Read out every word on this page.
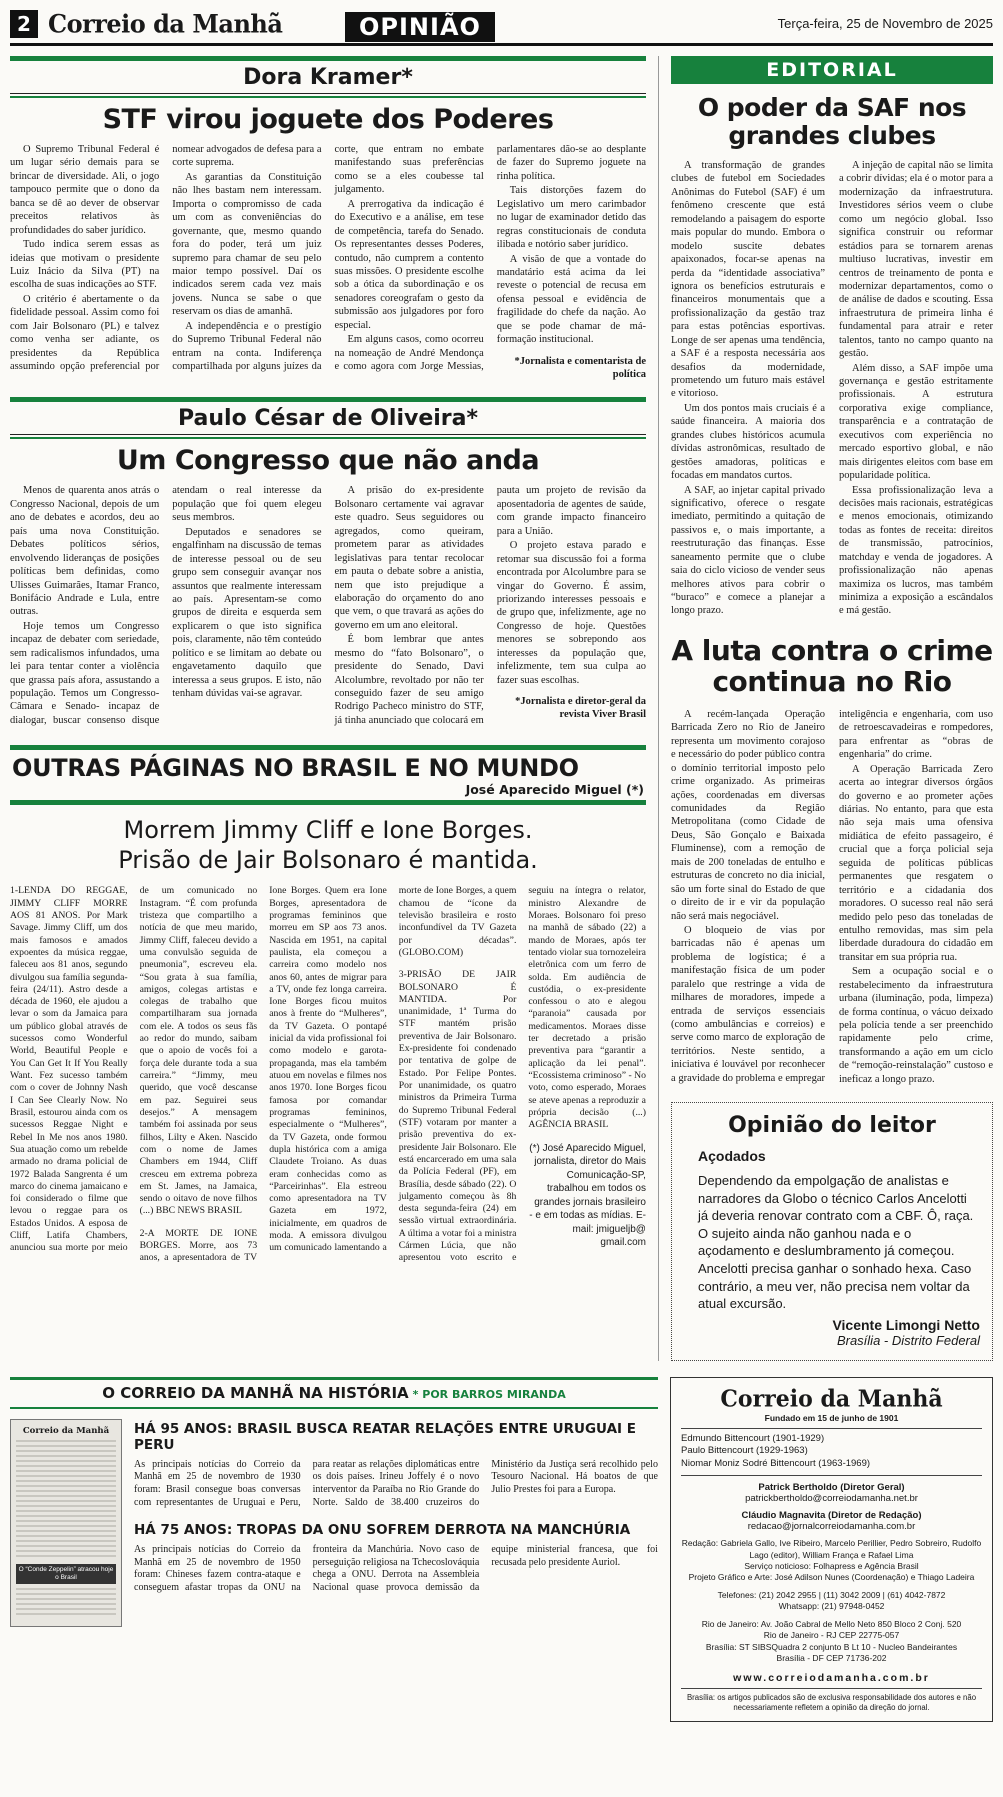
2 Correio da Manhã	Terça-feira, 25 de Novembro de 2025
OPINIÃO
Dora Kramer*
STF virou joguete dos Poderes

O Supremo Tribunal Federal é um lugar sério demais para se brincar de diversidade. Ali, o jogo tampouco permite que o dono da banca se dê ao dever de observar preceitos relativos às profundidades do saber jurídico.

Tudo indica serem essas as ideias que motivam o presidente Luiz Inácio da Silva (PT) na escolha de suas indicações ao STF.

O critério é abertamente o da fidelidade pessoal. Assim como foi com Jair Bolsonaro (PL) e talvez como venha ser adiante, os presidentes da República assumindo opção preferencial por nomear advogados de defesa para a corte suprema.

As garantias da Constituição não lhes bastam nem interessam. Importa o compromisso de cada um com as conveniências do governante, que, mesmo quando fora do poder, terá um juiz supremo para chamar de seu pelo maior tempo possível. Daí os indicados serem cada vez mais jovens. Nunca se sabe o que reservam os dias de amanhã.

A independência e o prestígio do Supremo Tribunal Federal não entram na conta. Indiferença compartilhada por alguns juízes da corte, que entram no embate manifestando suas preferências como se a eles coubesse tal julgamento.

A prerrogativa da indicação é do Executivo e a análise, em tese de competência, tarefa do Senado. Os representantes desses Poderes, contudo, não cumprem a contento suas missões. O presidente escolhe sob a ótica da subordinação e os senadores coreografam o gesto da submissão aos julgadores por foro especial.

Em alguns casos, como ocorreu na nomeação de André Mendonça e como agora com Jorge Messias, parlamentares dão-se ao desplante de fazer do Supremo joguete na rinha política.

Tais distorções fazem do Legislativo um mero carimbador no lugar de examinador detido das regras constitucionais de conduta ilibada e notório saber jurídico.

A visão de que a vontade do mandatário está acima da lei reveste o potencial de recusa em ofensa pessoal e evidência de fragilidade do chefe da nação. Ao que se pode chamar de má-formação institucional.

*Jornalista e comentarista de política

Paulo César de Oliveira*
Um Congresso que não anda

Menos de quarenta anos atrás o Congresso Nacional, depois de um ano de debates e acordos, deu ao país uma nova Constituição. Debates políticos sérios, envolvendo lideranças de posições políticas bem definidas, como Ulisses Guimarães, Itamar Franco, Bonifácio Andrade e Lula, entre outras.

Hoje temos um Congresso incapaz de debater com seriedade, sem radicalismos infundados, uma lei para tentar conter a violência que grassa país afora, assustando a população. Temos um Congresso- Câmara e Senado- incapaz de dialogar, buscar consenso disque atendam o real interesse da população que foi quem elegeu seus membros.

Deputados e senadores se engalfinham na discussão de temas de interesse pessoal ou de seu grupo sem conseguir avançar nos assuntos que realmente interessam ao país. Apresentam-se como grupos de direita e esquerda sem explicarem o que isto significa pois, claramente, não têm conteúdo político e se limitam ao debate ou engavetamento daquilo que interessa a seus grupos. E isto, não tenham dúvidas vai-se agravar.

A prisão do ex-presidente Bolsonaro certamente vai agravar este quadro. Seus seguidores ou agregados, como queiram, prometem parar as atividades legislativas para tentar recolocar em pauta o debate sobre a anistia, nem que isto prejudique a elaboração do orçamento do ano que vem, o que travará as ações do governo em um ano eleitoral.

É bom lembrar que antes mesmo do “fato Bolsonaro”, o presidente do Senado, Davi Alcolumbre, revoltado por não ter conseguido fazer de seu amigo Rodrigo Pacheco ministro do STF, já tinha anunciado que colocará em pauta um projeto de revisão da aposentadoria de agentes de saúde, com grande impacto financeiro para a União.

O projeto estava parado e retomar sua discussão foi a forma encontrada por Alcolumbre para se vingar do Governo. É assim, priorizando interesses pessoais e de grupo que, infelizmente, age no Congresso de hoje. Questões menores se sobrepondo aos interesses da população que, infelizmente, tem sua culpa ao fazer suas escolhas.

*Jornalista e diretor-geral da revista Viver Brasil

OUTRAS PÁGINAS NO BRASIL E NO MUNDO
José Aparecido Miguel (*)
Morrem Jimmy Cliff e Ione Borges.
Prisão de Jair Bolsonaro é mantida.

1-LENDA DO REGGAE, JIMMY CLIFF MORRE AOS 81 ANOS. Por Mark Savage. Jimmy Cliff, um dos mais famosos e amados expoentes da música reggae, faleceu aos 81 anos, segundo divulgou sua família segunda-feira (24/11). Astro desde a década de 1960, ele ajudou a levar o som da Jamaica para um público global através de sucessos como Wonderful World, Beautiful People e You Can Get It If You Really Want. Fez sucesso também com o cover de Johnny Nash I Can See Clearly Now. No Brasil, estourou ainda com os sucessos Reggae Night e Rebel In Me nos anos 1980. Sua atuação como um rebelde armado no drama policial de 1972 Balada Sangrenta é um marco do cinema jamaicano e foi considerado o filme que levou o reggae para os Estados Unidos. A esposa de Cliff, Latifa Chambers, anunciou sua morte por meio de um comunicado no Instagram. “É com profunda tristeza que compartilho a notícia de que meu marido, Jimmy Cliff, faleceu devido a uma convulsão seguida de pneumonia”, escreveu ela. “Sou grata à sua família, amigos, colegas artistas e colegas de trabalho que compartilharam sua jornada com ele. A todos os seus fãs ao redor do mundo, saibam que o apoio de vocês foi a força dele durante toda a sua carreira.” “Jimmy, meu querido, que você descanse em paz. Seguirei seus desejos.” A mensagem também foi assinada por seus filhos, Lilty e Aken. Nascido com o nome de James Chambers em 1944, Cliff cresceu em extrema pobreza em St. James, na Jamaica, sendo o oitavo de nove filhos (...) BBC NEWS BRASIL

2-A MORTE DE IONE BORGES. Morre, aos 73 anos, a apresentadora de TV Ione Borges. Quem era Ione Borges, apresentadora de programas femininos que morreu em SP aos 73 anos. Nascida em 1951, na capital paulista, ela começou a carreira como modelo nos anos 60, antes de migrar para a TV, onde fez longa carreira. Ione Borges ficou muitos anos à frente do “Mulheres”, da TV Gazeta. O pontapé inicial da vida profissional foi como modelo e garota-propaganda, mas ela também atuou em novelas e filmes nos anos 1970. Ione Borges ficou famosa por comandar programas femininos, especialmente o “Mulheres”, da TV Gazeta, onde formou dupla histórica com a amiga Claudete Troiano. As duas eram conhecidas como as “Parceirinhas”. Ela estreou como apresentadora na TV Gazeta em 1972, inicialmente, em quadros de moda. A emissora divulgou um comunicado lamentando a morte de Ione Borges, a quem chamou de “ícone da televisão brasileira e rosto inconfundível da TV Gazeta por décadas”. (GLOBO.COM)

3-PRISÃO DE JAIR BOLSONARO É MANTIDA. Por unanimidade, 1ª Turma do STF mantém prisão preventiva de Jair Bolsonaro. Ex-presidente foi condenado por tentativa de golpe de Estado. Por Felipe Pontes. Por unanimidade, os quatro ministros da Primeira Turma do Supremo Tribunal Federal (STF) votaram por manter a prisão preventiva do ex-presidente Jair Bolsonaro. Ele está encarcerado em uma sala da Polícia Federal (PF), em Brasília, desde sábado (22). O julgamento começou às 8h desta segunda-feira (24) em sessão virtual extraordinária. A última a votar foi a ministra Cármen Lúcia, que não apresentou voto escrito e seguiu na íntegra o relator, ministro Alexandre de Moraes. Bolsonaro foi preso na manhã de sábado (22) a mando de Moraes, após ter tentado violar sua tornozeleira eletrônica com um ferro de solda. Em audiência de custódia, o ex-presidente confessou o ato e alegou “paranoia” causada por medicamentos. Moraes disse ter decretado a prisão preventiva para “garantir a aplicação da lei penal”. “Ecossistema criminoso” - No voto, como esperado, Moraes se ateve apenas a reproduzir a própria decisão (...) AGÊNCIA BRASIL

(*) José Aparecido Miguel, jornalista, diretor do Mais Comunicação-SP, trabalhou em todos os grandes jornais brasileiro - e em todas as mídias. E-mail: jmigueljb@ gmail.com

EDITORIAL
O poder da SAF nos grandes clubes

A transformação de grandes clubes de futebol em Sociedades Anônimas do Futebol (SAF) é um fenômeno crescente que está remodelando a paisagem do esporte mais popular do mundo. Embora o modelo suscite debates apaixonados, focar-se apenas na perda da “identidade associativa” ignora os benefícios estruturais e financeiros monumentais que a profissionalização da gestão traz para estas potências esportivas. Longe de ser apenas uma tendência, a SAF é a resposta necessária aos desafios da modernidade, prometendo um futuro mais estável e vitorioso.

Um dos pontos mais cruciais é a saúde financeira. A maioria dos grandes clubes históricos acumula dívidas astronômicas, resultado de gestões amadoras, políticas e focadas em mandatos curtos.

A SAF, ao injetar capital privado significativo, oferece o resgate imediato, permitindo a quitação de passivos e, o mais importante, a reestruturação das finanças. Esse saneamento permite que o clube saia do ciclo vicioso de vender seus melhores ativos para cobrir o “buraco” e comece a planejar a longo prazo.

A injeção de capital não se limita a cobrir dívidas; ela é o motor para a modernização da infraestrutura. Investidores sérios veem o clube como um negócio global. Isso significa construir ou reformar estádios para se tornarem arenas multiuso lucrativas, investir em centros de treinamento de ponta e modernizar departamentos, como o de análise de dados e scouting. Essa infraestrutura de primeira linha é fundamental para atrair e reter talentos, tanto no campo quanto na gestão.

Além disso, a SAF impõe uma governança e gestão estritamente profissionais. A estrutura corporativa exige compliance, transparência e a contratação de executivos com experiência no mercado esportivo global, e não mais dirigentes eleitos com base em popularidade política.

Essa profissionalização leva a decisões mais racionais, estratégicas e menos emocionais, otimizando todas as fontes de receita: direitos de transmissão, patrocínios, matchday e venda de jogadores. A profissionalização não apenas maximiza os lucros, mas também minimiza a exposição a escândalos e má gestão.

A luta contra o crime continua no Rio

A recém-lançada Operação Barricada Zero no Rio de Janeiro representa um movimento corajoso e necessário do poder público contra o domínio territorial imposto pelo crime organizado. As primeiras ações, coordenadas em diversas comunidades da Região Metropolitana (como Cidade de Deus, São Gonçalo e Baixada Fluminense), com a remoção de mais de 200 toneladas de entulho e estruturas de concreto no dia inicial, são um forte sinal do Estado de que o direito de ir e vir da população não será mais negociável.

O bloqueio de vias por barricadas não é apenas um problema de logística; é a manifestação física de um poder paralelo que restringe a vida de milhares de moradores, impede a entrada de serviços essenciais (como ambulâncias e correios) e serve como marco de exploração de territórios. Neste sentido, a iniciativa é louvável por reconhecer a gravidade do problema e empregar inteligência e engenharia, com uso de retroescavadeiras e rompedores, para enfrentar as “obras de engenharia” do crime.

A Operação Barricada Zero acerta ao integrar diversos órgãos do governo e ao prometer ações diárias. No entanto, para que esta não seja mais uma ofensiva midiática de efeito passageiro, é crucial que a força policial seja seguida de políticas públicas permanentes que resgatem o território e a cidadania dos moradores. O sucesso real não será medido pelo peso das toneladas de entulho removidas, mas sim pela liberdade duradoura do cidadão em transitar em sua própria rua.

Sem a ocupação social e o restabelecimento da infraestrutura urbana (iluminação, poda, limpeza) de forma contínua, o vácuo deixado pela polícia tende a ser preenchido rapidamente pelo crime, transformando a ação em um ciclo de “remoção-reinstalação” custoso e ineficaz a longo prazo.

Opinião do leitor
Açodados
Dependendo da empolgação de analistas e narradores da Globo o técnico Carlos Ancelotti já deveria renovar contrato com a CBF. Ô, raça. O sujeito ainda não ganhou nada e o açodamento e deslumbramento já começou. Ancelotti precisa ganhar o sonhado hexa. Caso contrário, a meu ver, não precisa nem voltar da atual excursão.
Vicente Limongi Netto
Brasília - Distrito Federal
O CORREIO DA MANHÃ NA HISTÓRIA * POR BARROS MIRANDA
Correio da Manhã
O “Conde Zeppelin” atracou hoje o Brasil
HÁ 95 ANOS: BRASIL BUSCA REATAR RELAÇÕES ENTRE URUGUAI E PERU
As principais notícias do Correio da Manhã em 25 de novembro de 1930 foram: Brasil consegue boas conversas com representantes de Uruguai e Peru, para reatar as relações diplomáticas entre os dois países. Irineu Joffely é o novo interventor da Paraíba no Rio Grande do Norte. Saldo de 38.400 cruzeiros do Ministério da Justiça será recolhido pelo Tesouro Nacional. Há boatos de que Julio Prestes foi para a Europa.
HÁ 75 ANOS: TROPAS DA ONU SOFREM DERROTA NA MANCHÚRIA
As principais notícias do Correio da Manhã em 25 de novembro de 1950 foram: Chineses fazem contra-ataque e conseguem afastar tropas da ONU na fronteira da Manchúria. Novo caso de perseguição religiosa na Tchecoslováquia chega a ONU. Derrota na Assembleia Nacional quase provoca demissão da equipe ministerial francesa, que foi recusada pelo presidente Auriol.
Correio da Manhã
Fundado em 15 de junho de 1901
Edmundo Bittencourt (1901-1929)
Paulo Bittencourt (1929-1963)
Niomar Moniz Sodré Bittencourt (1963-1969)
Patrick Bertholdo (Diretor Geral)
patrickbertholdo@correiodamanha.net.br
Cláudio Magnavita (Diretor de Redação)
redacao@jornalcorreiodamanha.com.br
Redação: Gabriela Gallo, Ive Ribeiro, Marcelo Perillier, Pedro Sobreiro, Rudolfo Lago (editor), William França e Rafael Lima
Serviço noticioso: Folhapress e Agência Brasil
Projeto Gráfico e Arte: José Adilson Nunes (Coordenação) e Thiago Ladeira
Telefones: (21) 2042 2955 | (11) 3042 2009 | (61) 4042-7872
Whatsapp: (21) 97948-0452
Rio de Janeiro: Av. João Cabral de Mello Neto 850 Bloco 2 Conj. 520
Rio de Janeiro - RJ CEP 22775-057
Brasília: ST SIBSQuadra 2 conjunto B Lt 10 - Nucleo Bandeirantes
Brasília - DF CEP 71736-202
www.correiodamanha.com.br
Brasília: os artigos publicados são de exclusiva responsabilidade dos autores e não necessariamente refletem a opinião da direção do jornal.
